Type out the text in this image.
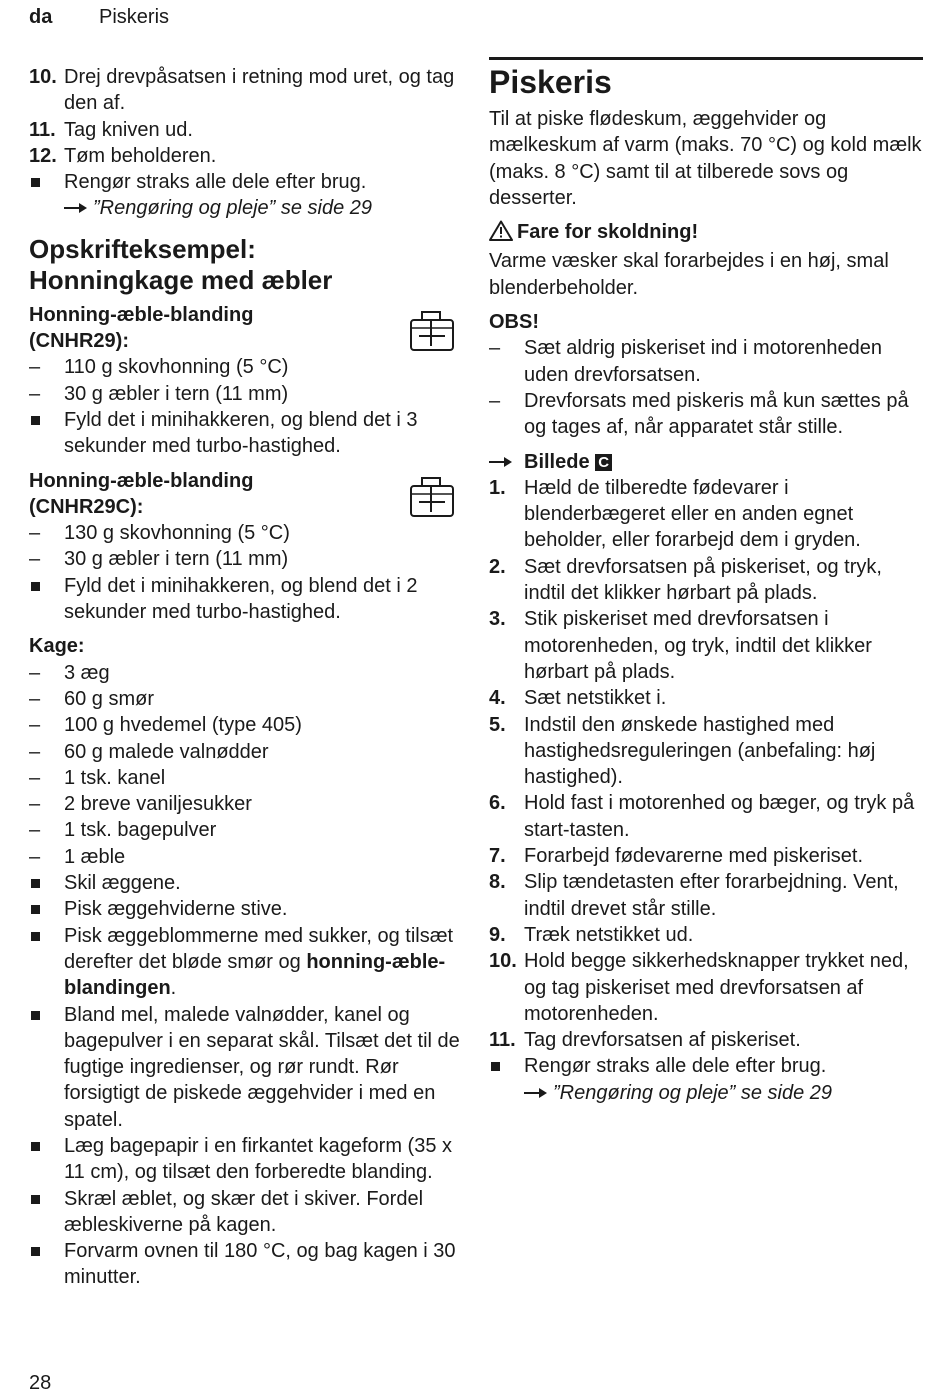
da Piskeris
10. Drej drevpåsatsen i retning mod uret, og tag den af.
11. Tag kniven ud.
12. Tøm beholderen.
Rengør straks alle dele efter brug.
”Rengøring og pleje” se side 29
Opskrifteksempel:
Honningkage med æbler
Honning-æble-blanding
(CNHR29):
– 110 g skovhonning (5 °C)
– 30 g æbler i tern (11 mm)
Fyld det i minihakkeren, og blend det i 3 sekunder med turbo-hastighed.
Honning-æble-blanding
(CNHR29C):
– 130 g skovhonning (5 °C)
– 30 g æbler i tern (11 mm)
Fyld det i minihakkeren, og blend det i 2 sekunder med turbo-hastighed.
Kage:
– 3 æg
– 60 g smør
– 100 g hvedemel (type 405)
– 60 g malede valnødder
– 1 tsk. kanel
– 2 breve vaniljesukker
– 1 tsk. bagepulver
– 1 æble
Skil æggene.
Pisk æggehviderne stive.
Pisk æggeblommerne med sukker, og tilsæt derefter det bløde smør og honning-æble-blandingen.
Bland mel, malede valnødder, kanel og bagepulver i en separat skål. Tilsæt det til de fugtige ingredienser, og rør rundt. Rør forsigtigt de piskede æggehvider i med en spatel.
Læg bagepapir i en firkantet kageform (35 x 11 cm), og tilsæt den forberedte blanding.
Skræl æblet, og skær det i skiver. Fordel æbleskiverne på kagen.
Forvarm ovnen til 180 °C, og bag kagen i 30 minutter.
Piskeris
Til at piske flødeskum, æggehvider og mælkeskum af varm (maks. 70 °C) og kold mælk (maks. 8 °C) samt til at tilberede sovs og desserter.
Fare for skoldning!
Varme væsker skal forarbejdes i en høj, smal blenderbeholder.
OBS!
– Sæt aldrig piskeriset ind i motorenheden uden drevforsatsen.
– Drevforsats med piskeris må kun sættes på og tages af, når apparatet står stille.
Billede C
1. Hæld de tilberedte fødevarer i blenderbægeret eller en anden egnet beholder, eller forarbejd dem i gryden.
2. Sæt drevforsatsen på piskeriset, og tryk, indtil det klikker hørbart på plads.
3. Stik piskeriset med drevforsatsen i motorenheden, og tryk, indtil det klikker hørbart på plads.
4. Sæt netstikket i.
5. Indstil den ønskede hastighed med hastighedsreguleringen (anbefaling: høj hastighed).
6. Hold fast i motorenhed og bæger, og tryk på start-tasten.
7. Forarbejd fødevarerne med piskeriset.
8. Slip tændetasten efter forarbejdning. Vent, indtil drevet står stille.
9. Træk netstikket ud.
10. Hold begge sikkerhedsknapper trykket ned, og tag piskeriset med drevforsatsen af motorenheden.
11. Tag drevforsatsen af piskeriset.
Rengør straks alle dele efter brug.
”Rengøring og pleje” se side 29
28
